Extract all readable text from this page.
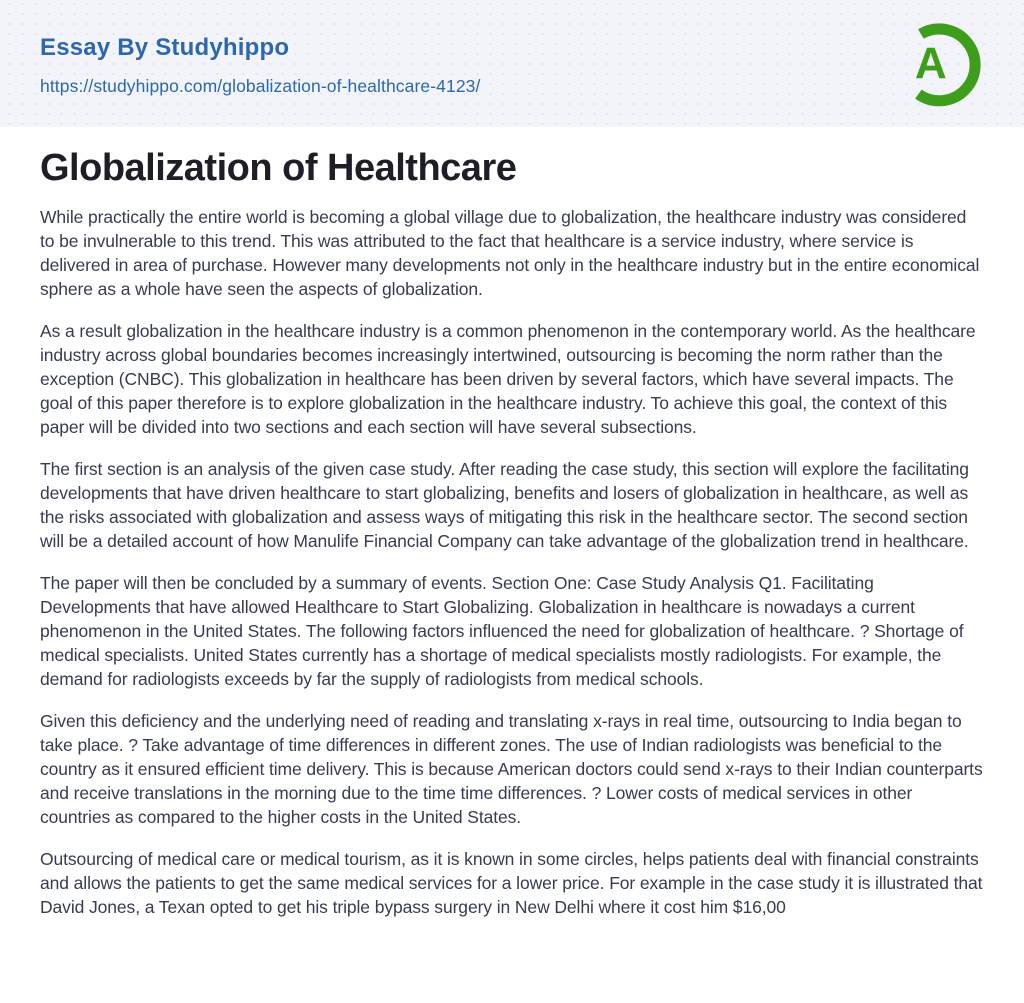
Essay By Studyhippo
https://studyhippo.com/globalization-of-healthcare-4123/	A
Globalization of Healthcare

While practically the entire world is becoming a global village due to globalization, the healthcare industry was considered to be invulnerable to this trend. This was attributed to the fact that healthcare is a service industry, where service is delivered in area of purchase. However many developments not only in the healthcare industry but in the entire economical sphere as a whole have seen the aspects of globalization.

As a result globalization in the healthcare industry is a common phenomenon in the contemporary world. As the healthcare industry across global boundaries becomes increasingly intertwined, outsourcing is becoming the norm rather than the exception (CNBC). This globalization in healthcare has been driven by several factors, which have several impacts. The goal of this paper therefore is to explore globalization in the healthcare industry. To achieve this goal, the context of this paper will be divided into two sections and each section will have several subsections.

The first section is an analysis of the given case study. After reading the case study, this section will explore the facilitating developments that have driven healthcare to start globalizing, benefits and losers of globalization in healthcare, as well as the risks associated with globalization and assess ways of mitigating this risk in the healthcare sector. The second section will be a detailed account of how Manulife Financial Company can take advantage of the globalization trend in healthcare.

The paper will then be concluded by a summary of events. Section One: Case Study Analysis Q1. Facilitating Developments that have allowed Healthcare to Start Globalizing. Globalization in healthcare is nowadays a current phenomenon in the United States. The following factors influenced the need for globalization of healthcare. ? Shortage of medical specialists. United States currently has a shortage of medical specialists mostly radiologists. For example, the demand for radiologists exceeds by far the supply of radiologists from medical schools.

Given this deficiency and the underlying need of reading and translating x-rays in real time, outsourcing to India began to take place. ? Take advantage of time differences in different zones. The use of Indian radiologists was beneficial to the country as it ensured efficient time delivery. This is because American doctors could send x-rays to their Indian counterparts and receive translations in the morning due to the time time differences. ? Lower costs of medical services in other countries as compared to the higher costs in the United States.

Outsourcing of medical care or medical tourism, as it is known in some circles, helps patients deal with financial constraints and allows the patients to get the same medical services for a lower price. For example in the case study it is illustrated that David Jones, a Texan opted to get his triple bypass surgery in New Delhi where it cost him $16,00
